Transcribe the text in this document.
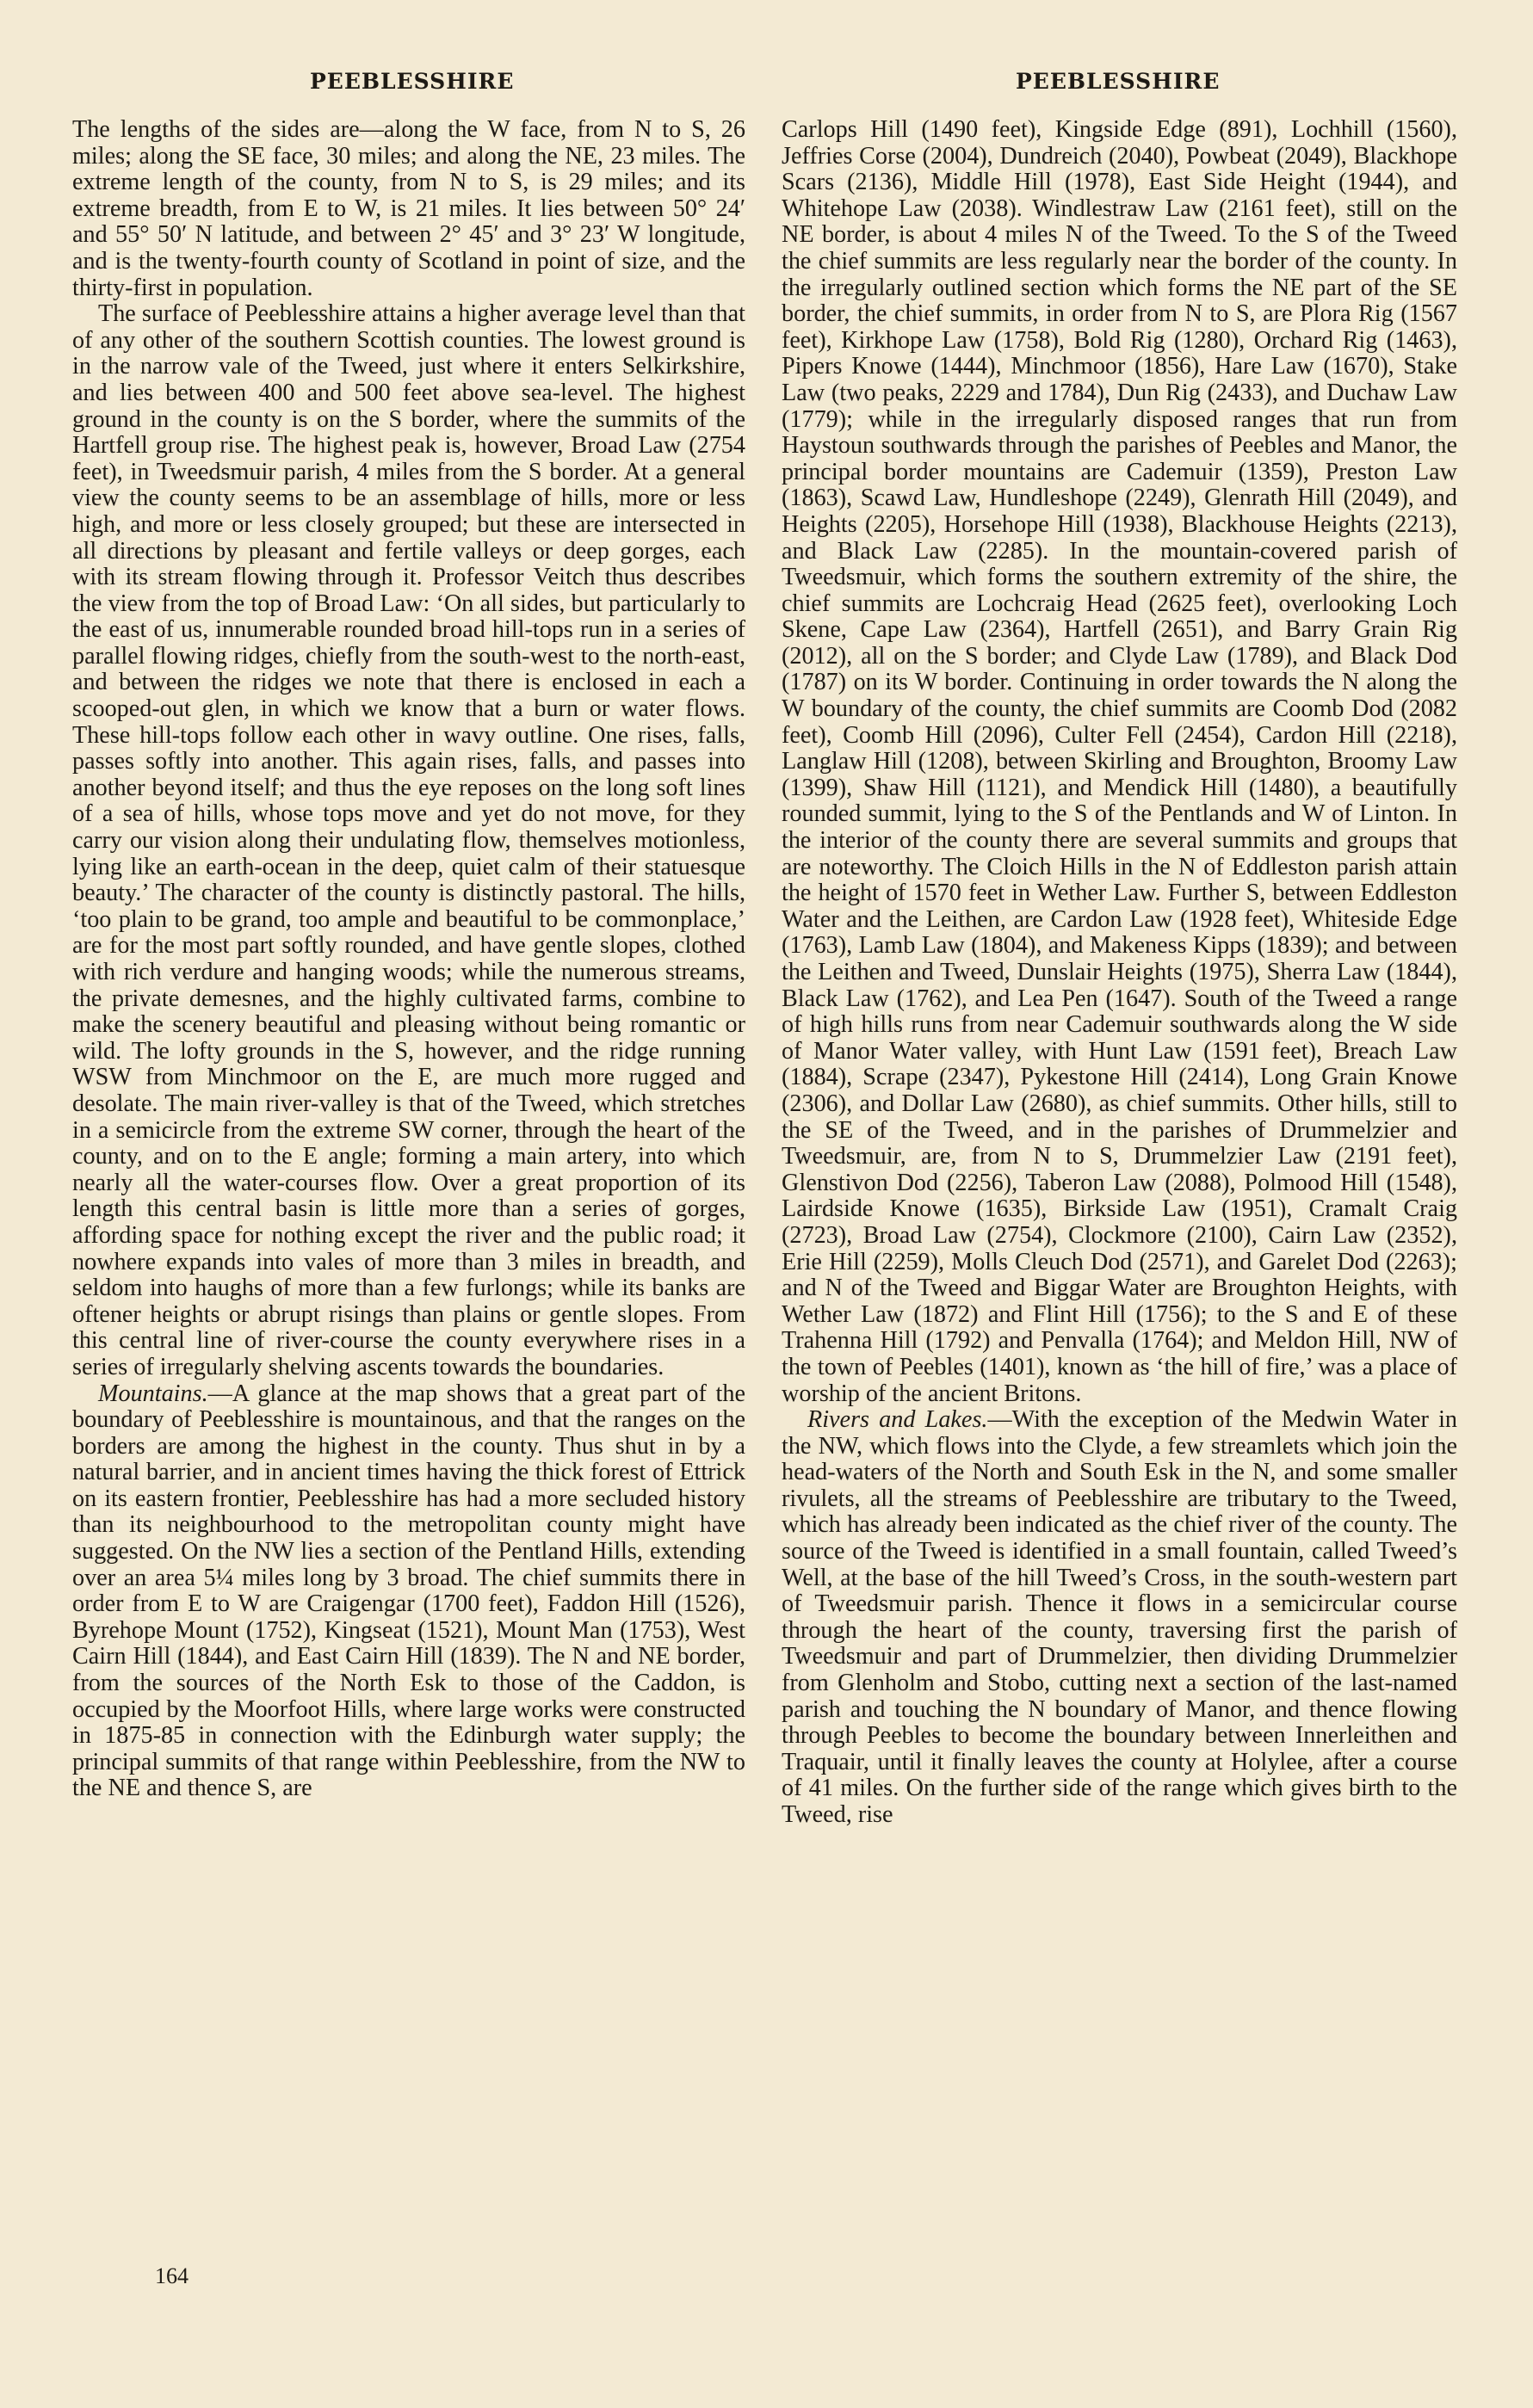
PEEBLESSHIRE	PEEBLESSHIRE

The lengths of the sides are—along the W face, from N to S, 26 miles; along the SE face, 30 miles; and along the NE, 23 miles. The extreme length of the county, from N to S, is 29 miles; and its extreme breadth, from E to W, is 21 miles. It lies between 50° 24′ and 55° 50′ N latitude, and between 2° 45′ and 3° 23′ W longitude, and is the twenty-fourth county of Scotland in point of size, and the thirty-first in population.

The surface of Peeblesshire attains a higher average level than that of any other of the southern Scottish counties. The lowest ground is in the narrow vale of the Tweed, just where it enters Selkirkshire, and lies between 400 and 500 feet above sea-level. The highest ground in the county is on the S border, where the summits of the Hartfell group rise. The highest peak is, however, Broad Law (2754 feet), in Tweedsmuir parish, 4 miles from the S border. At a general view the county seems to be an assemblage of hills, more or less high, and more or less closely grouped; but these are intersected in all directions by pleasant and fertile valleys or deep gorges, each with its stream flowing through it. Professor Veitch thus describes the view from the top of Broad Law: ‘On all sides, but particularly to the east of us, innumerable rounded broad hill-tops run in a series of parallel flowing ridges, chiefly from the south-west to the north-east, and between the ridges we note that there is enclosed in each a scooped-out glen, in which we know that a burn or water flows. These hill-tops follow each other in wavy outline. One rises, falls, passes softly into another. This again rises, falls, and passes into another beyond itself; and thus the eye reposes on the long soft lines of a sea of hills, whose tops move and yet do not move, for they carry our vision along their undulating flow, themselves motionless, lying like an earth-ocean in the deep, quiet calm of their statuesque beauty.’ The character of the county is distinctly pastoral. The hills, ‘too plain to be grand, too ample and beautiful to be commonplace,’ are for the most part softly rounded, and have gentle slopes, clothed with rich verdure and hanging woods; while the numerous streams, the private demesnes, and the highly cultivated farms, combine to make the scenery beautiful and pleasing without being romantic or wild. The lofty grounds in the S, however, and the ridge running WSW from Minchmoor on the E, are much more rugged and desolate. The main river-valley is that of the Tweed, which stretches in a semicircle from the extreme SW corner, through the heart of the county, and on to the E angle; forming a main artery, into which nearly all the water-courses flow. Over a great proportion of its length this central basin is little more than a series of gorges, affording space for nothing except the river and the public road; it nowhere expands into vales of more than 3 miles in breadth, and seldom into haughs of more than a few furlongs; while its banks are oftener heights or abrupt risings than plains or gentle slopes. From this central line of river-course the county everywhere rises in a series of irregularly shelving ascents towards the boundaries.

Mountains.—A glance at the map shows that a great part of the boundary of Peeblesshire is mountainous, and that the ranges on the borders are among the highest in the county. Thus shut in by a natural barrier, and in ancient times having the thick forest of Ettrick on its eastern frontier, Peeblesshire has had a more secluded history than its neighbourhood to the metropolitan county might have suggested. On the NW lies a section of the Pentland Hills, extending over an area 5¼ miles long by 3 broad. The chief summits there in order from E to W are Craigengar (1700 feet), Faddon Hill (1526), Byrehope Mount (1752), Kingseat (1521), Mount Man (1753), West Cairn Hill (1844), and East Cairn Hill (1839). The N and NE border, from the sources of the North Esk to those of the Caddon, is occupied by the Moorfoot Hills, where large works were constructed in 1875-85 in connection with the Edinburgh water supply; the principal summits of that range within Peeblesshire, from the NW to the NE and thence S, are

Carlops Hill (1490 feet), Kingside Edge (891), Lochhill (1560), Jeffries Corse (2004), Dundreich (2040), Powbeat (2049), Blackhope Scars (2136), Middle Hill (1978), East Side Height (1944), and Whitehope Law (2038). Windlestraw Law (2161 feet), still on the NE border, is about 4 miles N of the Tweed. To the S of the Tweed the chief summits are less regularly near the border of the county. In the irregularly outlined section which forms the NE part of the SE border, the chief summits, in order from N to S, are Plora Rig (1567 feet), Kirkhope Law (1758), Bold Rig (1280), Orchard Rig (1463), Pipers Knowe (1444), Minchmoor (1856), Hare Law (1670), Stake Law (two peaks, 2229 and 1784), Dun Rig (2433), and Duchaw Law (1779); while in the irregularly disposed ranges that run from Haystoun southwards through the parishes of Peebles and Manor, the principal border mountains are Cademuir (1359), Preston Law (1863), Scawd Law, Hundleshope (2249), Glenrath Hill (2049), and Heights (2205), Horsehope Hill (1938), Blackhouse Heights (2213), and Black Law (2285). In the mountain-covered parish of Tweedsmuir, which forms the southern extremity of the shire, the chief summits are Lochcraig Head (2625 feet), overlooking Loch Skene, Cape Law (2364), Hartfell (2651), and Barry Grain Rig (2012), all on the S border; and Clyde Law (1789), and Black Dod (1787) on its W border. Continuing in order towards the N along the W boundary of the county, the chief summits are Coomb Dod (2082 feet), Coomb Hill (2096), Culter Fell (2454), Cardon Hill (2218), Langlaw Hill (1208), between Skirling and Broughton, Broomy Law (1399), Shaw Hill (1121), and Mendick Hill (1480), a beautifully rounded summit, lying to the S of the Pentlands and W of Linton. In the interior of the county there are several summits and groups that are noteworthy. The Cloich Hills in the N of Eddleston parish attain the height of 1570 feet in Wether Law. Further S, between Eddleston Water and the Leithen, are Cardon Law (1928 feet), Whiteside Edge (1763), Lamb Law (1804), and Makeness Kipps (1839); and between the Leithen and Tweed, Dunslair Heights (1975), Sherra Law (1844), Black Law (1762), and Lea Pen (1647). South of the Tweed a range of high hills runs from near Cademuir southwards along the W side of Manor Water valley, with Hunt Law (1591 feet), Breach Law (1884), Scrape (2347), Pykestone Hill (2414), Long Grain Knowe (2306), and Dollar Law (2680), as chief summits. Other hills, still to the SE of the Tweed, and in the parishes of Drummelzier and Tweedsmuir, are, from N to S, Drummelzier Law (2191 feet), Glenstivon Dod (2256), Taberon Law (2088), Polmood Hill (1548), Lairdside Knowe (1635), Birkside Law (1951), Cramalt Craig (2723), Broad Law (2754), Clockmore (2100), Cairn Law (2352), Erie Hill (2259), Molls Cleuch Dod (2571), and Garelet Dod (2263); and N of the Tweed and Biggar Water are Broughton Heights, with Wether Law (1872) and Flint Hill (1756); to the S and E of these Trahenna Hill (1792) and Penvalla (1764); and Meldon Hill, NW of the town of Peebles (1401), known as ‘the hill of fire,’ was a place of worship of the ancient Britons.

Rivers and Lakes.—With the exception of the Medwin Water in the NW, which flows into the Clyde, a few streamlets which join the head-waters of the North and South Esk in the N, and some smaller rivulets, all the streams of Peeblesshire are tributary to the Tweed, which has already been indicated as the chief river of the county. The source of the Tweed is identified in a small fountain, called Tweed’s Well, at the base of the hill Tweed’s Cross, in the south-western part of Tweedsmuir parish. Thence it flows in a semicircular course through the heart of the county, traversing first the parish of Tweedsmuir and part of Drummelzier, then dividing Drummelzier from Glenholm and Stobo, cutting next a section of the last-named parish and touching the N boundary of Manor, and thence flowing through Peebles to become the boundary between Innerleithen and Traquair, until it finally leaves the county at Holylee, after a course of 41 miles. On the further side of the range which gives birth to the Tweed, rise

164
